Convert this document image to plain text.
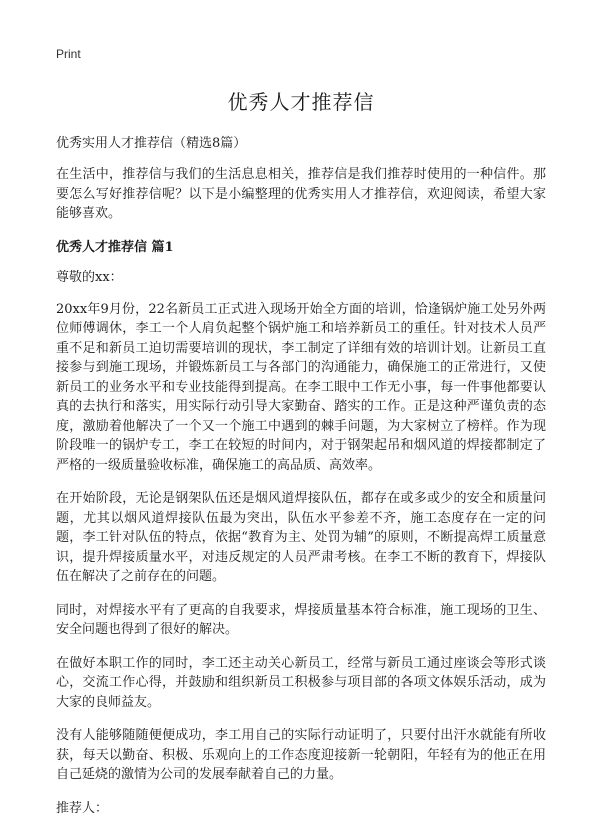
Print
优秀人才推荐信
优秀实用人才推荐信（精选8篇）

在生活中，推荐信与我们的生活息息相关，推荐信是我们推荐时使用的一种信件。那要怎么写好推荐信呢？以下是小编整理的优秀实用人才推荐信，欢迎阅读，希望大家能够喜欢。

优秀人才推荐信 篇1
尊敬的xx：

20xx年9月份，22名新员工正式进入现场开始全方面的培训，恰逢锅炉施工处另外两位师傅调休，李工一个人肩负起整个锅炉施工和培养新员工的重任。针对技术人员严重不足和新员工迫切需要培训的现状，李工制定了详细有效的培训计划。让新员工直接参与到施工现场，并锻炼新员工与各部门的沟通能力，确保施工的正常进行，又使新员工的业务水平和专业技能得到提高。在李工眼中工作无小事，每一件事他都要认真的去执行和落实，用实际行动引导大家勤奋、踏实的工作。正是这种严谨负责的态度，激励着他解决了一个又一个施工中遇到的棘手问题，为大家树立了榜样。作为现阶段唯一的锅炉专工，李工在较短的时间内，对于钢架起吊和烟风道的焊接都制定了严格的一级质量验收标准，确保施工的高品质、高效率。

在开始阶段，无论是钢架队伍还是烟风道焊接队伍，都存在或多或少的安全和质量问题，尤其以烟风道焊接队伍最为突出，队伍水平参差不齐，施工态度存在一定的问题，李工针对队伍的特点，依据“教育为主、处罚为辅”的原则，不断提高焊工质量意识，提升焊接质量水平，对违反规定的人员严肃考核。在李工不断的教育下，焊接队伍在解决了之前存在的问题。

同时，对焊接水平有了更高的自我要求，焊接质量基本符合标准，施工现场的卫生、安全问题也得到了很好的解决。

在做好本职工作的同时，李工还主动关心新员工，经常与新员工通过座谈会等形式谈心，交流工作心得，并鼓励和组织新员工积极参与项目部的各项文体娱乐活动，成为大家的良师益友。

没有人能够随随便便成功，李工用自己的实际行动证明了，只要付出汗水就能有所收获，每天以勤奋、积极、乐观向上的工作态度迎接新一轮朝阳，年轻有为的他正在用自己延烧的激情为公司的发展奉献着自己的力量。

推荐人：
